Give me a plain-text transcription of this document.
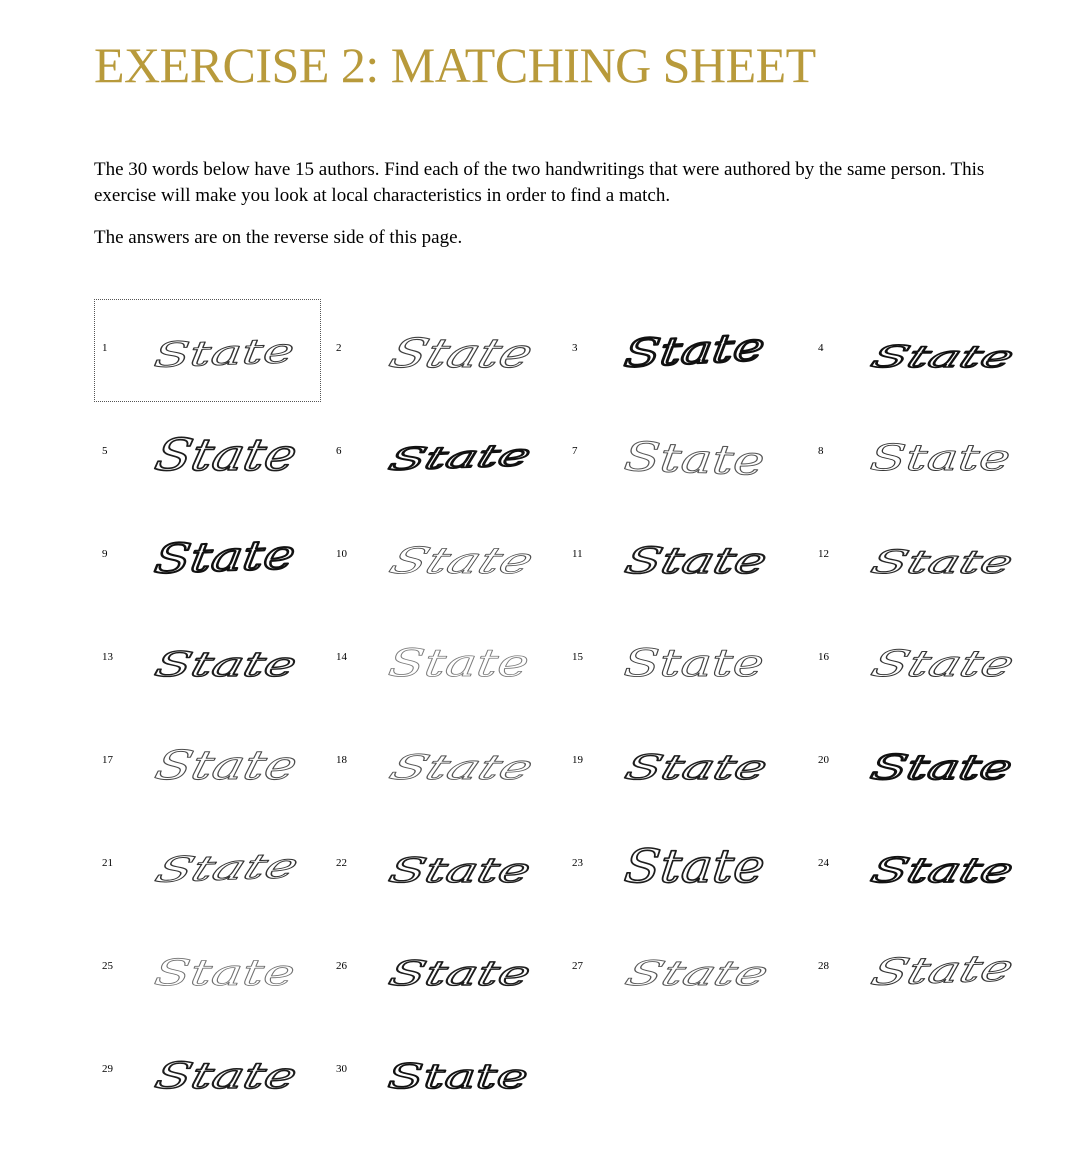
EXERCISE 2: MATCHING SHEET
The 30 words below have 15 authors. Find each of the two handwritings that were authored by the same person. This exercise will make you look at local characteristics in order to find a match.
The answers are on the reverse side of this page.
1 State	2 State	3 State	4 State
5 State	6 State	7 State	8 State
9 State	10 State	11 State	12 State
13 State	14 State	15 State	16 State
17 State	18 State	19 State	20 State
21 State	22 State	23 State	24 State
25 State	26 State	27 State	28 State
29 State	30 State
